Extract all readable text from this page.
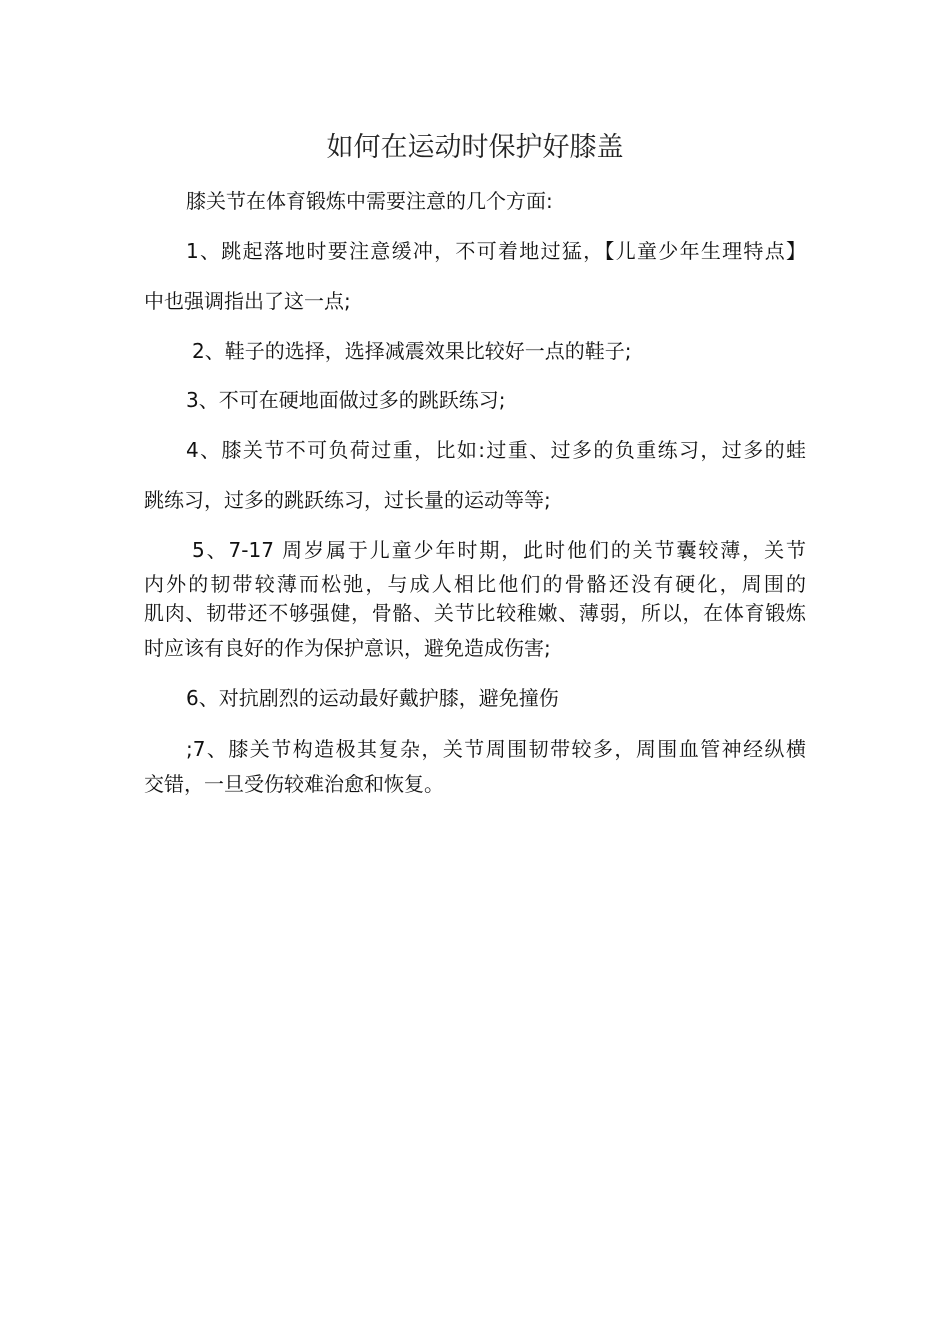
如何在运动时保护好膝盖
膝关节在体育锻炼中需要注意的几个方面:
1、跳起落地时要注意缓冲，不可着地过猛，【儿童少年生理特点】
中也强调指出了这一点;
2、鞋子的选择，选择减震效果比较好一点的鞋子;
3、不可在硬地面做过多的跳跃练习;
4、膝关节不可负荷过重，比如:过重、过多的负重练习，过多的蛙
跳练习，过多的跳跃练习，过长量的运动等等;
5、7-17 周岁属于儿童少年时期，此时他们的关节囊较薄，关节
内外的韧带较薄而松弛，与成人相比他们的骨骼还没有硬化，周围的
肌肉、韧带还不够强健，骨骼、关节比较稚嫩、薄弱，所以，在体育锻炼
时应该有良好的作为保护意识，避免造成伤害;
6、对抗剧烈的运动最好戴护膝，避免撞伤
;7、膝关节构造极其复杂，关节周围韧带较多，周围血管神经纵横
交错，一旦受伤较难治愈和恢复。
